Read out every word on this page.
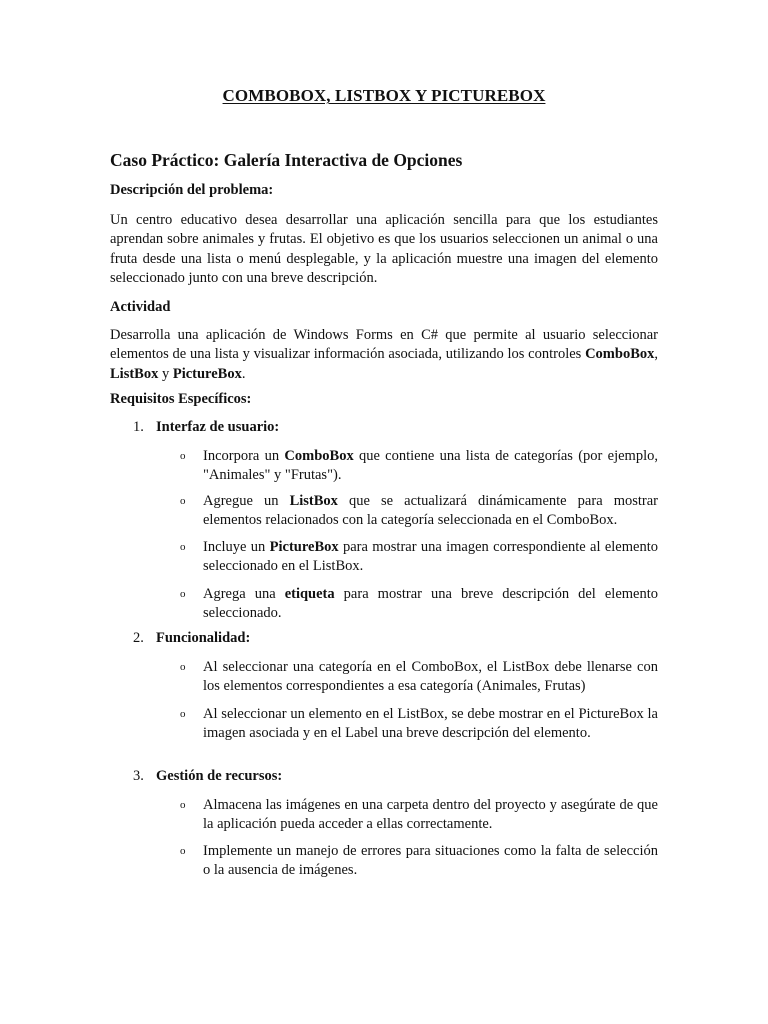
COMBOBOX, LISTBOX Y PICTUREBOX
Caso Práctico: Galería Interactiva de Opciones
Descripción del problema:

Un centro educativo desea desarrollar una aplicación sencilla para que los estudiantes aprendan sobre animales y frutas. El objetivo es que los usuarios seleccionen un animal o una fruta desde una lista o menú desplegable, y la aplicación muestre una imagen del elemento seleccionado junto con una breve descripción.

Actividad

Desarrolla una aplicación de Windows Forms en C# que permite al usuario seleccionar elementos de una lista y visualizar información asociada, utilizando los controles ComboBox, ListBox y PictureBox.

Requisitos Específicos:
1. Interfaz de usuario:
o Incorpora un ComboBox que contiene una lista de categorías (por ejemplo, "Animales" y "Frutas").

o Agregue un ListBox que se actualizará dinámicamente para mostrar elementos relacionados con la categoría seleccionada en el ComboBox.

o Incluye un PictureBox para mostrar una imagen correspondiente al elemento seleccionado en el ListBox.

o Agrega una etiqueta para mostrar una breve descripción del elemento seleccionado.

2. Funcionalidad:
o Al seleccionar una categoría en el ComboBox, el ListBox debe llenarse con los elementos correspondientes a esa categoría (Animales, Frutas)

o Al seleccionar un elemento en el ListBox, se debe mostrar en el PictureBox la imagen asociada y en el Label una breve descripción del elemento.

3. Gestión de recursos:
o Almacena las imágenes en una carpeta dentro del proyecto y asegúrate de que la aplicación pueda acceder a ellas correctamente.

o Implemente un manejo de errores para situaciones como la falta de selección o la ausencia de imágenes.
